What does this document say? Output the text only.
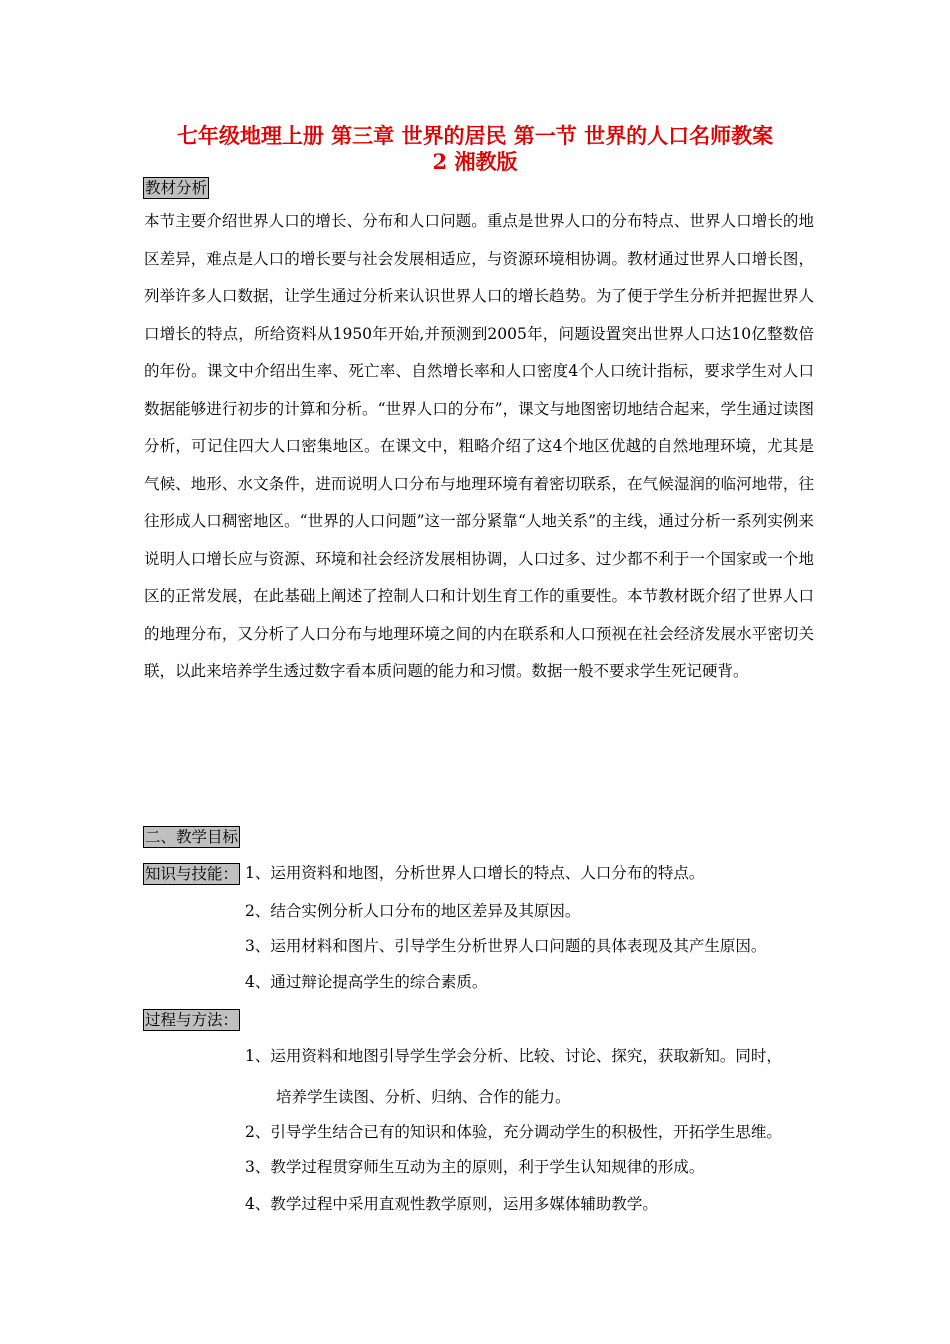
七年级地理上册 第三章 世界的居民 第一节 世界的人口名师教案
2 湘教版
教材分析

本节主要介绍世界人口的增长、分布和人口问题。重点是世界人口的分布特点、世界人口增长的地区差异，难点是人口的增长要与社会发展相适应，与资源环境相协调。教材通过世界人口增长图，列举许多人口数据，让学生通过分析来认识世界人口的增长趋势。为了便于学生分析并把握世界人口增长的特点，所给资料从1950年开始,并预测到2005年，问题设置突出世界人口达10亿整数倍的年份。课文中介绍出生率、死亡率、自然增长率和人口密度4个人口统计指标，要求学生对人口数据能够进行初步的计算和分析。“世界人口的分布”，课文与地图密切地结合起来，学生通过读图分析，可记住四大人口密集地区。在课文中，粗略介绍了这4个地区优越的自然地理环境，尤其是气候、地形、水文条件，进而说明人口分布与地理环境有着密切联系，在气候湿润的临河地带，往往形成人口稠密地区。“世界的人口问题”这一部分紧靠“人地关系”的主线，通过分析一系列实例来说明人口增长应与资源、环境和社会经济发展相协调，人口过多、过少都不利于一个国家或一个地区的正常发展，在此基础上阐述了控制人口和计划生育工作的重要性。本节教材既介绍了世界人口的地理分布，又分析了人口分布与地理环境之间的内在联系和人口预视在社会经济发展水平密切关联，以此来培养学生透过数字看本质问题的能力和习惯。数据一般不要求学生死记硬背。

二、教学目标
知识与技能： 1、运用资料和地图，分析世界人口增长的特点、人口分布的特点。
2、结合实例分析人口分布的地区差异及其原因。
3、运用材料和图片、引导学生分析世界人口问题的具体表现及其产生原因。
4、通过辩论提高学生的综合素质。
过程与方法：
1、运用资料和地图引导学生学会分析、比较、讨论、探究，获取新知。同时，
培养学生读图、分析、归纳、合作的能力。
2、引导学生结合已有的知识和体验，充分调动学生的积极性，开拓学生思维。
3、教学过程贯穿师生互动为主的原则，利于学生认知规律的形成。
4、教学过程中采用直观性教学原则，运用多媒体辅助教学。
